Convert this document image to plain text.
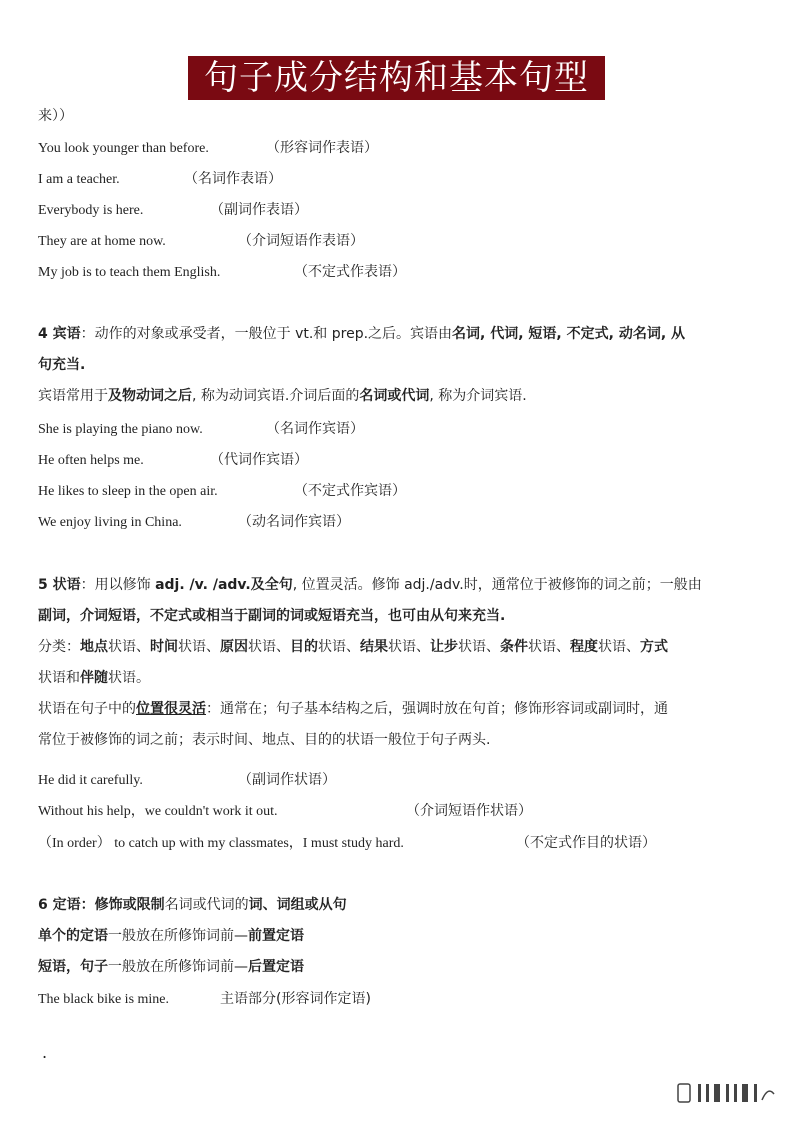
句子成分结构和基本句型
来））
You look younger than before.	（形容词作表语）
I am a teacher.	（名词作表语）
Everybody is here.	（副词作表语）
They are at home now.	（介词短语作表语）
My job is to teach them English.	（不定式作表语）
4 宾语：动作的对象或承受者，一般位于 vt.和 prep.之后。宾语由名词, 代词, 短语, 不定式, 动名词, 从
句充当.
宾语常用于及物动词之后, 称为动词宾语.介词后面的名词或代词, 称为介词宾语.
She is playing the piano now.	（名词作宾语）
He often helps me.	（代词作宾语）
He likes to sleep in the open air.	（不定式作宾语）
We enjoy living in China.	（动名词作宾语）
5 状语：用以修饰 adj. /v. /adv.及全句, 位置灵活。修饰 adj./adv.时，通常位于被修饰的词之前；一般由
副词，介词短语，不定式或相当于副词的词或短语充当，也可由从句来充当.
分类：地点状语、时间状语、原因状语、目的状语、结果状语、让步状语、条件状语、程度状语、方式
状语和伴随状语。
状语在句子中的位置很灵活：通常在；句子基本结构之后，强调时放在句首；修饰形容词或副词时，通
常位于被修饰的词之前；表示时间、地点、目的的状语一般位于句子两头.
He did it carefully.	（副词作状语）
Without his help，we couldn't work it out.	（介词短语作状语）
（In order） to catch up with my classmates，I must study hard.	（不定式作目的状语）
6 定语：修饰或限制名词或代词的词、词组或从句
单个的定语一般放在所修饰词前—前置定语
短语，句子一般放在所修饰词前—后置定语
The black bike is mine.	主语部分(形容词作定语)
.
